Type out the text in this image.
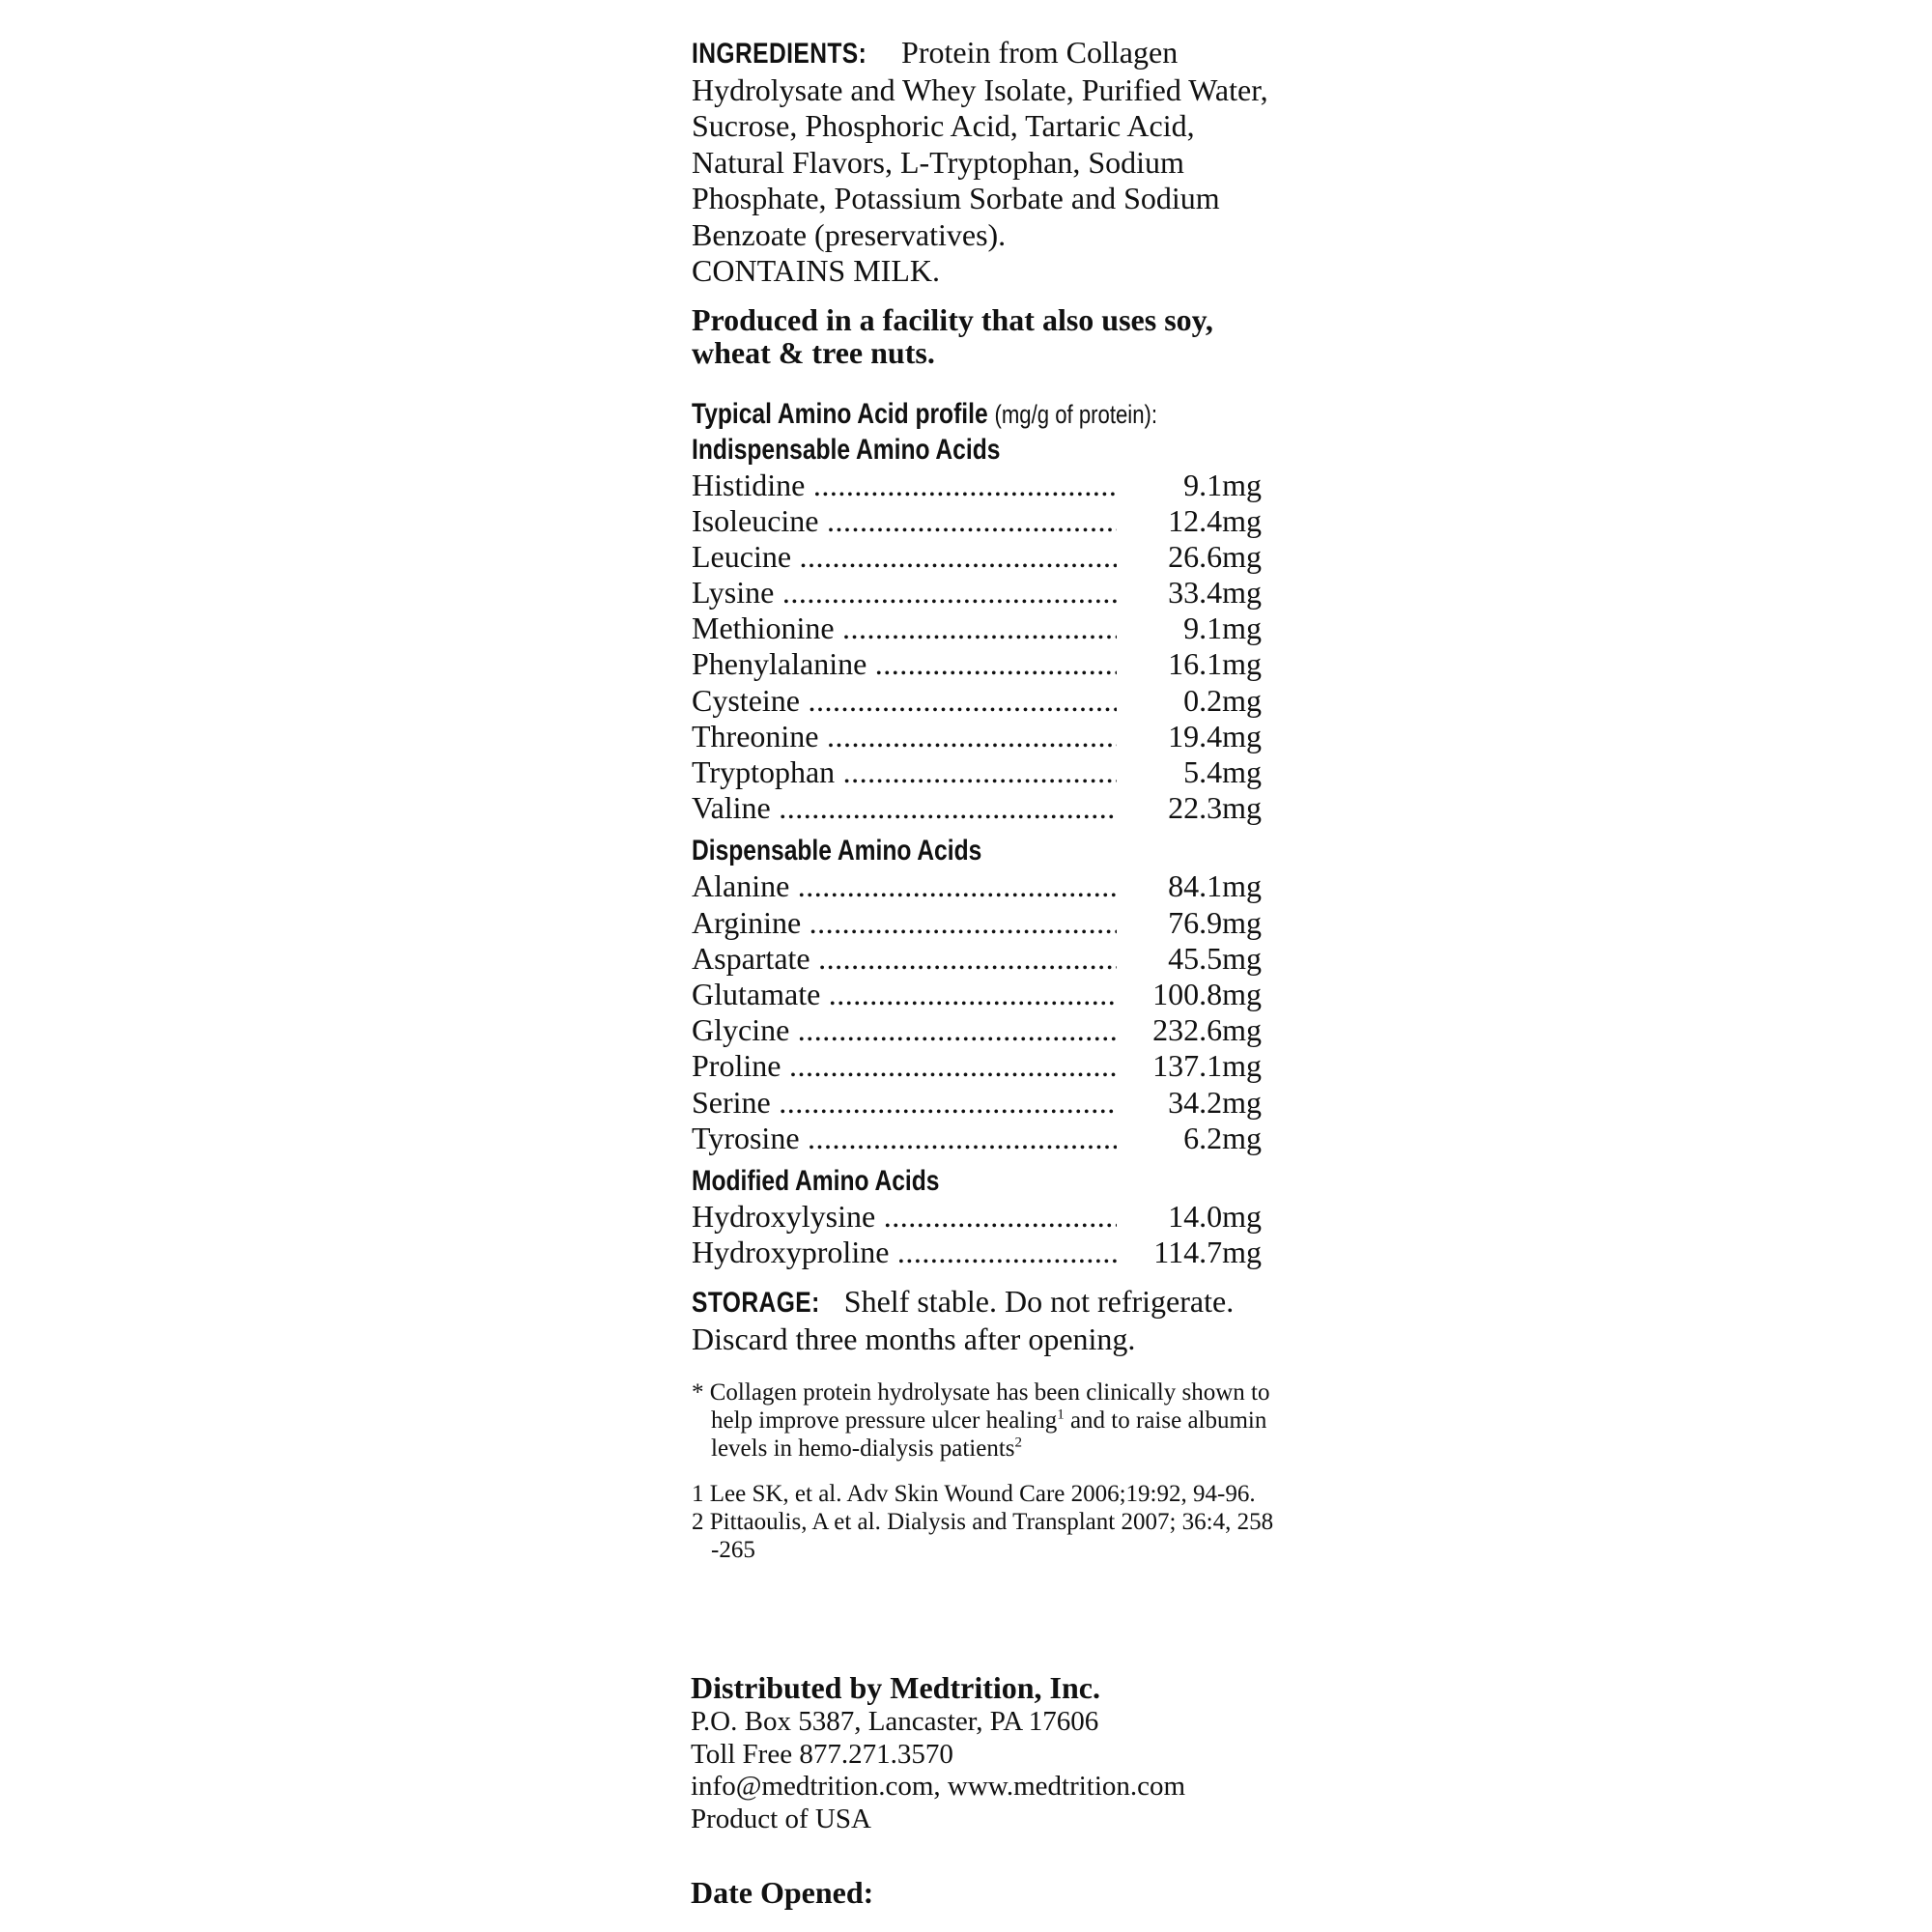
INGREDIENTS: Protein from Collagen Hydrolysate and Whey Isolate, Purified Water, Sucrose, Phosphoric Acid, Tartaric Acid, Natural Flavors, L-Tryptophan, Sodium Phosphate, Potassium Sorbate and Sodium Benzoate (preservatives).

CONTAINS MILK.

Produced in a facility that also uses soy, wheat & tree nuts.

Typical Amino Acid profile (mg/g of protein):
Indispensable Amino Acids
Histidine .....	9.1mg
Isoleucine .....	12.4mg
Leucine .....	26.6mg
Lysine .....	33.4mg
Methionine .....	9.1mg
Phenylalanine .....	16.1mg
Cysteine .....	0.2mg
Threonine .....	19.4mg
Tryptophan .....	5.4mg
Valine .....	22.3mg
Dispensable Amino Acids
Alanine .....	84.1mg
Arginine .....	76.9mg
Aspartate .....	45.5mg
Glutamate .....	100.8mg
Glycine .....	232.6mg
Proline .....	137.1mg
Serine .....	34.2mg
Tyrosine .....	6.2mg
Modified Amino Acids
Hydroxylysine .....	14.0mg
Hydroxyproline .....	114.7mg

STORAGE: Shelf stable. Do not refrigerate. Discard three months after opening.

* Collagen protein hydrolysate has been clinically shown to help improve pressure ulcer healing$^1$ and to raise albumin levels in hemo-dialysis patients$^2$

1 Lee SK, et al. Adv Skin Wound Care 2006;19:92, 94-96.

2 Pittaoulis, A et al. Dialysis and Transplant 2007; 36:4, 258 -265

Distributed by Medtrition, Inc.

P.O. Box 5387, Lancaster, PA 17606

Toll Free 877.271.3570

info@medtrition.com, www.medtrition.com

Product of USA

Date Opened:
